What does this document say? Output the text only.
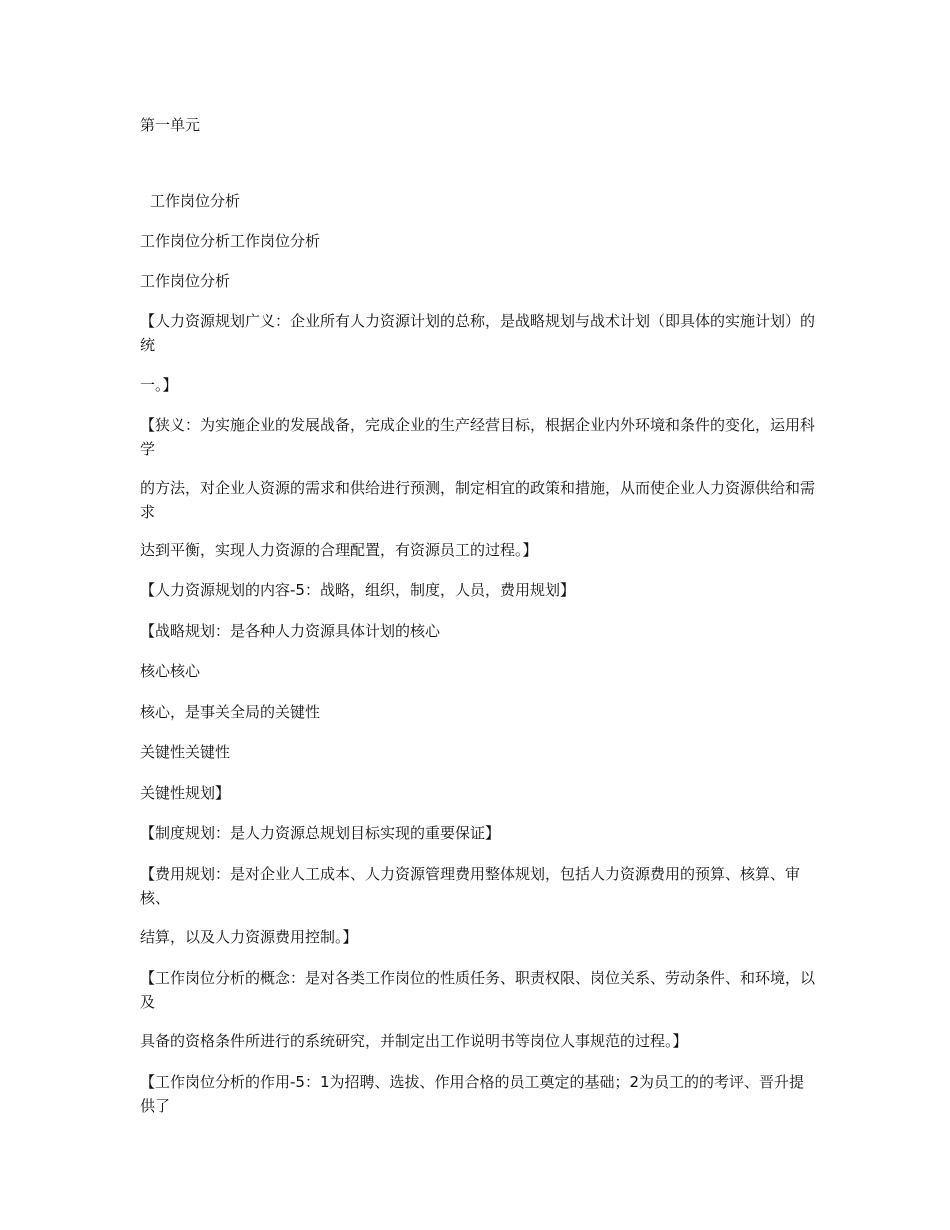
第一单元
工作岗位分析
工作岗位分析工作岗位分析
工作岗位分析
【人力资源规划广义：企业所有人力资源计划的总称，是战略规划与战术计划（即具体的实施计划）的统
一。】
【狭义：为实施企业的发展战备，完成企业的生产经营目标，根据企业内外环境和条件的变化，运用科学
的方法，对企业人资源的需求和供给进行预测，制定相宜的政策和措施，从而使企业人力资源供给和需求
达到平衡，实现人力资源的合理配置，有资源员工的过程。】
【人力资源规划的内容-5：战略，组织，制度，人员，费用规划】
【战略规划：是各种人力资源具体计划的核心
核心核心
核心，是事关全局的关键性
关键性关键性
关键性规划】
【制度规划：是人力资源总规划目标实现的重要保证】
【费用规划：是对企业人工成本、人力资源管理费用整体规划，包括人力资源费用的预算、核算、审核、
结算，以及人力资源费用控制。】
【工作岗位分析的概念：是对各类工作岗位的性质任务、职责权限、岗位关系、劳动条件、和环境，以及
具备的资格条件所进行的系统研究，并制定出工作说明书等岗位人事规范的过程。】
【工作岗位分析的作用-5：1为招聘、选拔、作用合格的员工奠定的基础；2为员工的的考评、晋升提供了
